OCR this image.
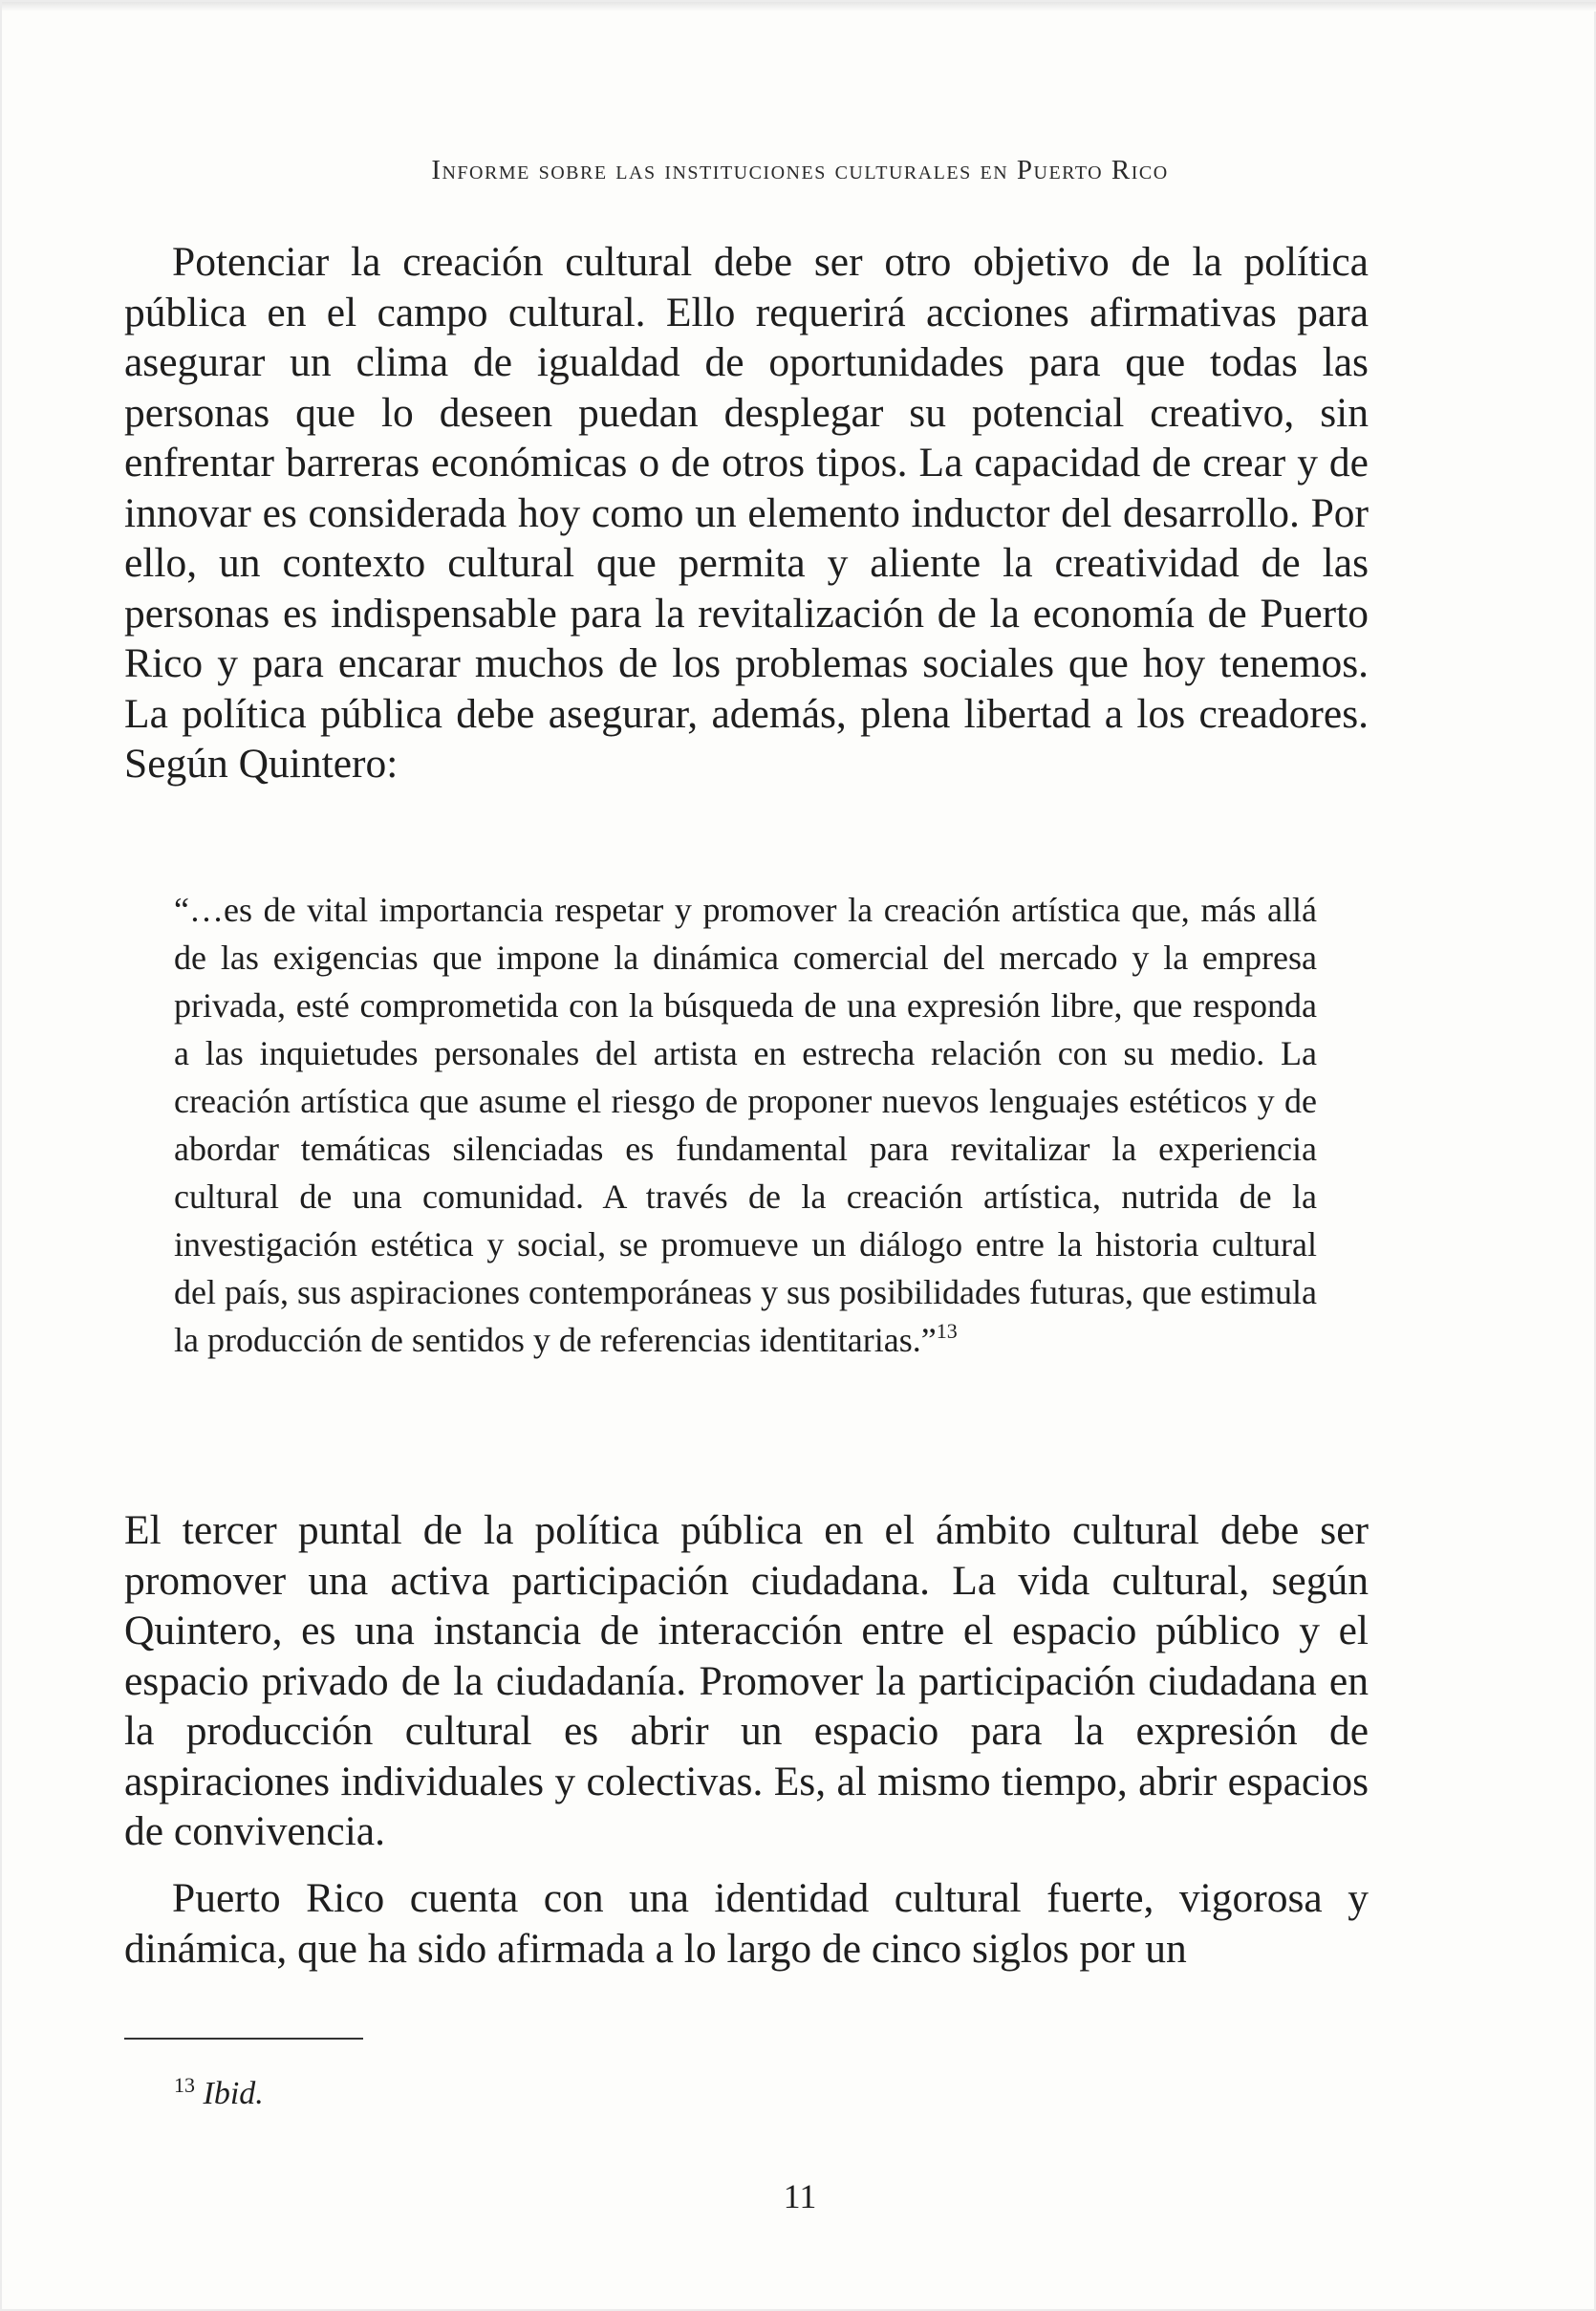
Informe sobre las instituciones culturales en Puerto Rico

Potenciar la creación cultural debe ser otro objetivo de la política pública en el campo cultural. Ello requerirá acciones afirmativas para asegurar un clima de igualdad de oportunidades para que todas las personas que lo deseen puedan desplegar su potencial creativo, sin enfrentar barreras económicas o de otros tipos. La capacidad de crear y de innovar es considerada hoy como un elemento inductor del desarrollo. Por ello, un contexto cultural que permita y aliente la creatividad de las personas es indispensable para la revitalización de la economía de Puerto Rico y para encarar muchos de los problemas sociales que hoy tenemos. La política pública debe asegurar, además, plena libertad a los creadores. Según Quintero:

“…es de vital importancia respetar y promover la creación artística que, más allá de las exigencias que impone la dinámica comercial del mercado y la empresa privada, esté comprometida con la búsqueda de una expresión libre, que responda a las inquietudes personales del artista en estrecha relación con su medio. La creación artística que asume el riesgo de proponer nuevos lenguajes estéticos y de abordar temáticas silenciadas es fundamental para revitalizar la experiencia cultural de una comunidad. A través de la creación artística, nutrida de la investigación estética y social, se promueve un diálogo entre la historia cultural del país, sus aspiraciones contemporáneas y sus posibilidades futuras, que estimula la producción de sentidos y de referencias identitarias.”$^{13}$

El tercer puntal de la política pública en el ámbito cultural debe ser promover una activa participación ciudadana. La vida cultural, según Quintero, es una instancia de interacción entre el espacio público y el espacio privado de la ciudadanía. Promover la participación ciudadana en la producción cultural es abrir un espacio para la expresión de aspiraciones individuales y colectivas. Es, al mismo tiempo, abrir espacios de convivencia.

Puerto Rico cuenta con una identidad cultural fuerte, vigorosa y dinámica, que ha sido afirmada a lo largo de cinco siglos por un

$^{13}$ Ibid.
11
